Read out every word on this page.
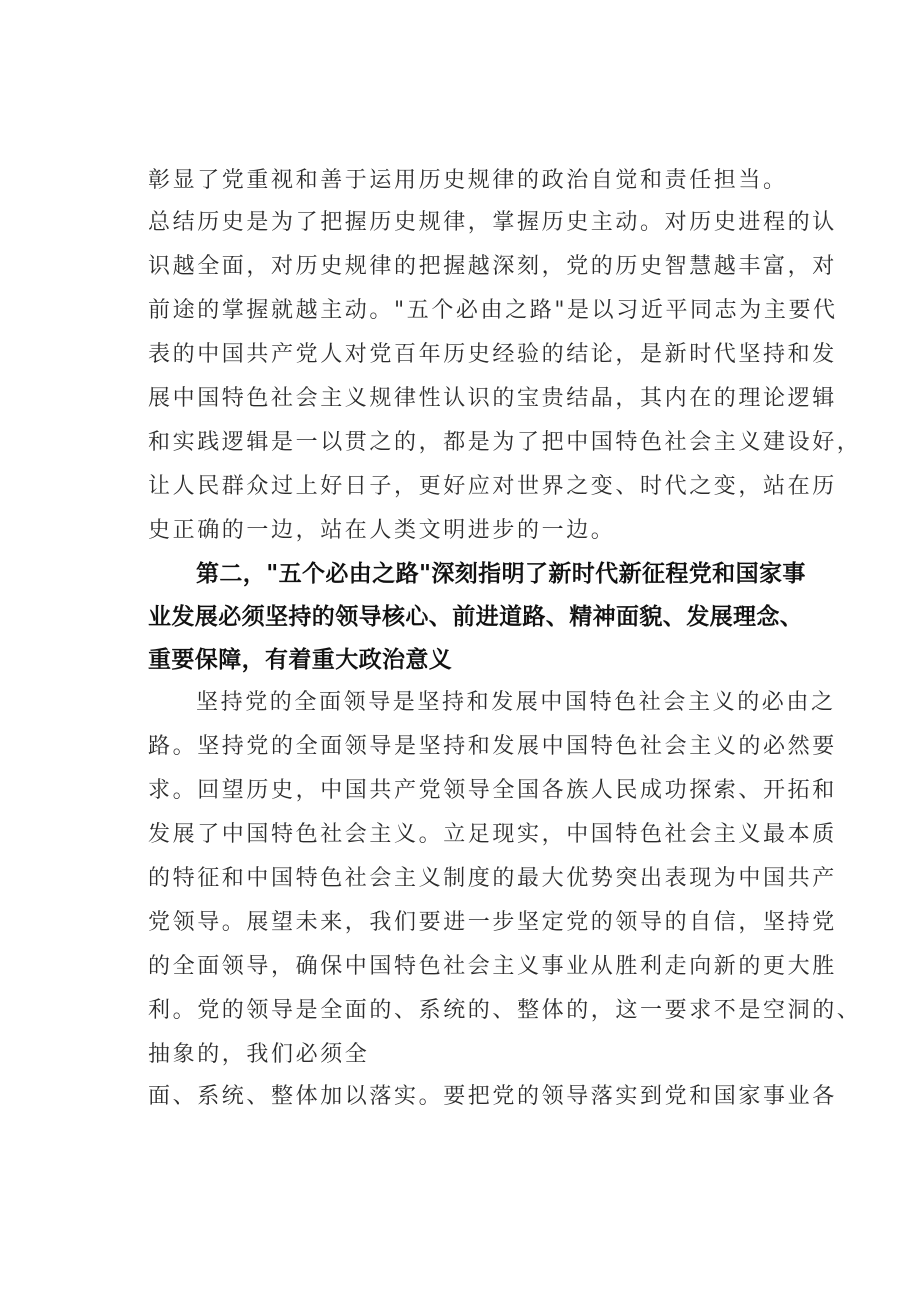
彰显了党重视和善于运用历史规律的政治自觉和责任担当。
总结历史是为了把握历史规律，掌握历史主动。对历史进程的认
识越全面，对历史规律的把握越深刻，党的历史智慧越丰富，对
前途的掌握就越主动。"五个必由之路"是以习近平同志为主要代
表的中国共产党人对党百年历史经验的结论，是新时代坚持和发
展中国特色社会主义规律性认识的宝贵结晶，其内在的理论逻辑
和实践逻辑是一以贯之的，都是为了把中国特色社会主义建设好，
让人民群众过上好日子，更好应对世界之变、时代之变，站在历
史正确的一边，站在人类文明进步的一边。
第二，"五个必由之路"深刻指明了新时代新征程党和国家事
业发展必须坚持的领导核心、前进道路、精神面貌、发展理念、
重要保障，有着重大政治意义
坚持党的全面领导是坚持和发展中国特色社会主义的必由之
路。坚持党的全面领导是坚持和发展中国特色社会主义的必然要
求。回望历史，中国共产党领导全国各族人民成功探索、开拓和
发展了中国特色社会主义。立足现实，中国特色社会主义最本质
的特征和中国特色社会主义制度的最大优势突出表现为中国共产
党领导。展望未来，我们要进一步坚定党的领导的自信，坚持党
的全面领导，确保中国特色社会主义事业从胜利走向新的更大胜
利。党的领导是全面的、系统的、整体的，这一要求不是空洞的、
抽象的，我们必须全
面、系统、整体加以落实。要把党的领导落实到党和国家事业各
